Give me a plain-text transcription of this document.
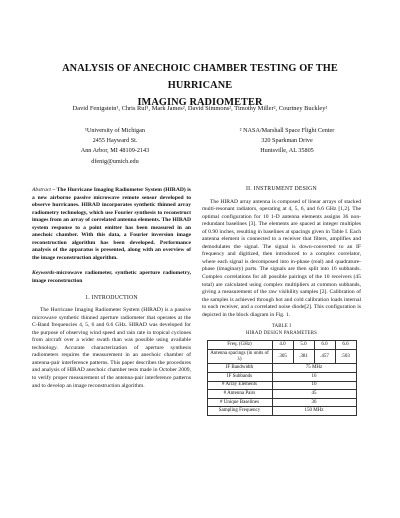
ANALYSIS OF ANECHOIC CHAMBER TESTING OF THE HURRICANE
IMAGING RADIOMETER
David Fenigstein¹, Chris Ruf¹, Mark James², David Simmons², Timothy Miller², Courtney Buckley²
¹University of Michigan
2455 Hayward St.
Ann Arbor, MI 48109-2143
dfenig@umich.edu
² NASA/Marshall Space Flight Center
320 Sparkman Drive
Huntsville, AL 35805
Abstract – The Hurricane Imaging Radiometer System (HIRAD) is a new airborne passive microwave remote sensor developed to observe hurricanes. HIRAD incorporates synthetic thinned array radiometry technology, which use Fourier synthesis to reconstruct images from an array of correlated antenna elements. The HIRAD system response to a point emitter has been measured in an anechoic chamber. With this data, a Fourier inversion image reconstruction algorithm has been developed. Performance analysis of the apparatus is presented, along with an overview of the image reconstruction algorithm.
Keywords-microwave radiometer, synthetic aperture radiometry, image reconstruction
1. INTRODUCTION

The Hurricane Imaging Radiometer System (HIRAD) is a passive microwave synthetic thinned aperture radiometer that operates at the C-Band frequencies 4, 5, 6 and 6.6 GHz. HIRAD was developed for the purpose of observing wind speed and rain rate in tropical cyclones from aircraft over a wider swath than was possible using available technology. Accurate characterization of aperture synthesis radiometers requires the measurement in an anechoic chamber of antenna-pair interference patterns. This paper describes the procedures and analysis of HIRAD anechoic chamber tests made in October 2009, to verify proper measurement of the antenna-pair interference patterns and to develop an image reconstruction algorithm.

II. INSTRUMENT DESIGN

The HIRAD array antenna is composed of linear arrays of stacked multi-resonant radiators, operating at 4, 5, 6, and 6.6 GHz [1,2]. The optimal configuration for 10 1-D antenna elements assigns 36 non-redundant baselines [3]. The elements are spaced at integer multiples of 0.90 inches, resulting in baselines at spacings given in Table I. Each antenna element is connected to a receiver that filters, amplifies and demodulates the signal. The signal is down-converted to an IF frequency and digitized, then introduced to a complex correlator, where each signal is decomposed into in-phase (real) and quadrature-phase (imaginary) parts. The signals are then split into 16 subbands. Complex correlations for all possible pairings of the 10 receivers (45 total) are calculated using complex multipliers at common subbands, giving a measurement of the raw visibility samples [2]. Calibration of the samples is achieved through hot and cold calibration loads internal to each receiver, and a correlated noise diode[2]. This configuration is depicted in the block diagram in Fig. 1.

TABLE I
HIRAD DESIGN PARAMETERS
Freq. (GHz)	4.0	5.0	6.0	6.6
Antenna spacings (in units of λ)	.305	.381	.457	.503
IF Bandwidth	75 MHz			
IF Subbands	16			
# Array Elements	10			
# Antenna Pairs	45			
# Unique Baselines	36			
Sampling Frequency	150 MHz			
